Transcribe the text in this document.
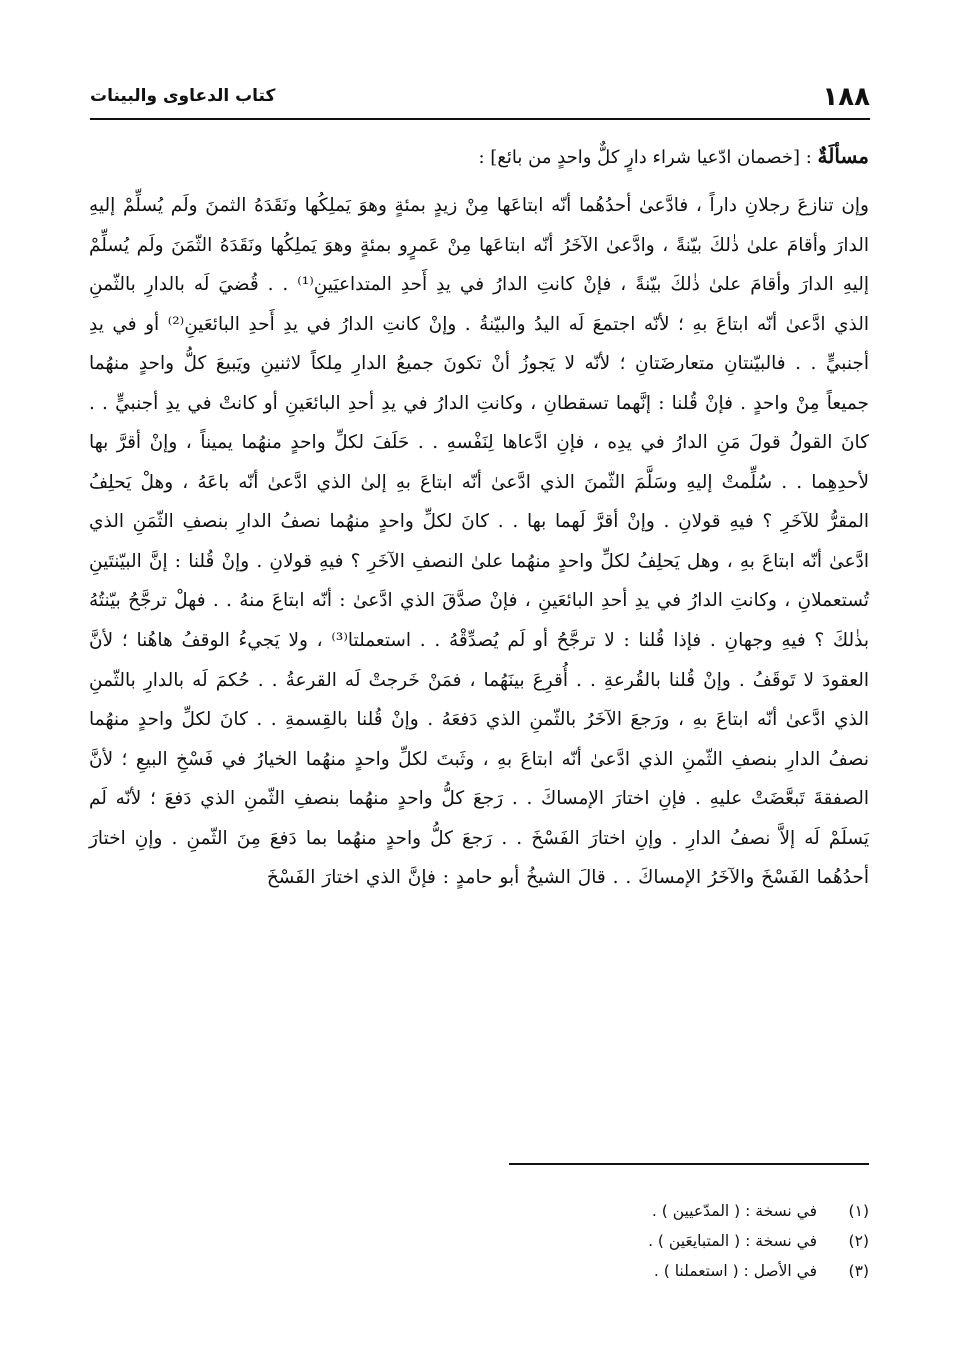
١٨٨
كتاب الدعاوى والبينات
مسألَةٌ : [خصمان ادّعيا شراء دارٍ كلٌّ واحدٍ من بائع] :

وإن تنازعَ رجلانِ داراً ، فادَّعىٰ أحدُهُما أنّه ابتاعَها مِنْ زيدٍ بمئةٍ وهوَ يَملِكُها ونَقَدَهُ الثمنَ ولَم يُسلِّمْ إليهِ الدارَ وأقامَ علىٰ ذٰلكَ بيّنةً ، وادَّعىٰ الآخَرُ أنّه ابتاعَها مِنْ عَمرٍو بمئةٍ وهوَ يَملِكُها ونَقَدَهُ الثّمَنَ ولَم يُسلِّمْ إليهِ الدارَ وأقامَ علىٰ ذٰلكَ بيّنةً ، فإنْ كانتِ الدارُ في يدِ أَحدِ المتداعيَينِ⁽¹⁾ . . قُضيَ لَه بالدارِ بالثّمنِ الذي ادَّعىٰ أنّه ابتاعَ بهِ ؛ لأنّه اجتمعَ لَه اليدُ والبيّنةُ . وإنْ كانتِ الدارُ في يدِ أَحدِ البائعَينِ⁽²⁾ أو في يدِ أجنبيٍّ . . فالبيّنتانِ متعارضَتانِ ؛ لأنّه لا يَجوزُ أنْ تكونَ جميعُ الدارِ مِلكاً لاثنينِ ويَبيعَ كلُّ واحدٍ منهُما جميعاً مِنْ واحدٍ . فإنْ قُلنا : إنَّهما تسقطانِ ، وكانتِ الدارُ في يدِ أحدِ البائعَينِ أو كانتْ في يدِ أجنبيٍّ . . كانَ القولُ قولَ مَنِ الدارُ في يدِه ، فإنِ ادَّعاها لِنَفْسهِ . . حَلَفَ لكلِّ واحدٍ منهُما يميناً ، وإنْ أقرَّ بها لأحدِهِما . . سُلِّمتْ إليهِ وسَلَّمَ الثّمنَ الذي ادَّعىٰ أنّه ابتاعَ بهِ إلىٰ الذي ادَّعىٰ أنّه باعَهُ ، وهلْ يَحلِفُ المقرُّ للآخَرِ ؟ فيهِ قولانِ . وإنْ أقرَّ لَهما بها . . كانَ لكلِّ واحدٍ منهُما نصفُ الدارِ بنصفِ الثّمَنِ الذي ادَّعىٰ أنّه ابتاعَ بهِ ، وهل يَحلِفُ لكلِّ واحدٍ منهُما علىٰ النصفِ الآخَرِ ؟ فيهِ قولانِ . وإنْ قُلنا : إنَّ البيّنتَينِ تُستعملانِ ، وكانتِ الدارُ في يدِ أحدِ البائعَينِ ، فإنْ صدَّقَ الذي ادَّعىٰ : أنّه ابتاعَ منهُ . . فهلْ ترجَّحُ بيّنتُهُ بذٰلكَ ؟ فيهِ وجهانِ . فإذا قُلنا : لا ترجَّحُ أو لَم يُصدِّقْهُ . . استعملتا⁽³⁾ ، ولا يَجيءُ الوقفُ هاهُنا ؛ لأنَّ العقودَ لا تَوقَفُ . وإنْ قُلنا بالقُرعةِ . . أُقرِعَ بينَهُما ، فمَنْ خَرجتْ لَه القرعةُ . . حُكمَ لَه بالدارِ بالثّمنِ الذي ادَّعىٰ أنّه ابتاعَ بهِ ، ورَجعَ الآخَرُ بالثّمنِ الذي دَفعَهُ . وإنْ قُلنا بالقِسمةِ . . كانَ لكلِّ واحدٍ منهُما نصفُ الدارِ بنصفِ الثّمنِ الذي ادَّعىٰ أنّه ابتاعَ بهِ ، وثَبتَ لكلِّ واحدٍ منهُما الخيارُ في فَسْخِ البيعِ ؛ لأنَّ الصفقةَ تَبعَّضَتْ عليهِ . فإنِ اختارَ الإمساكَ . . رَجعَ كلُّ واحدٍ منهُما بنصفِ الثّمنِ الذي دَفعَ ؛ لأنّه لَم يَسلَمْ لَه إلاَّ نصفُ الدارِ . وإنِ اختارَ الفَسْخَ . . رَجعَ كلُّ واحدٍ منهُما بما دَفعَ مِنَ الثّمنِ . وإنِ اختارَ أحدُهُما الفَسْخَ والآخَرُ الإمساكَ . . قالَ الشيخُ أبو حامدٍ : فإنَّ الذي اختارَ الفَسْخَ

(١)
في نسخة : ( المدّعيين ) .
(٢)
في نسخة : ( المتبايعَين ) .
(٣)
في الأصل : ( استعملنا ) .
